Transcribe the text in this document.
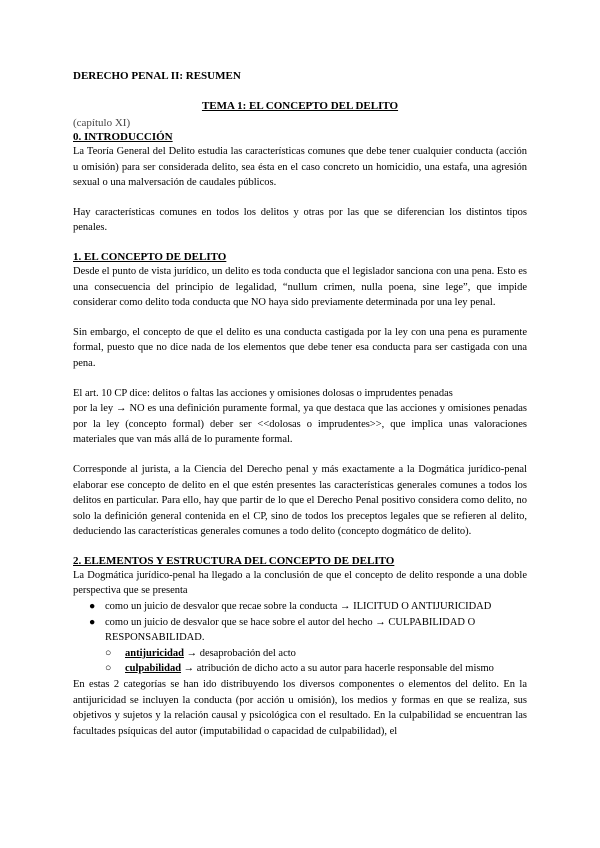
DERECHO PENAL II: RESUMEN

TEMA 1: EL CONCEPTO DEL DELITO

(capítulo XI)

0. INTRODUCCIÓN

La Teoría General del Delito estudia las características comunes que debe tener cualquier conducta (acción u omisión) para ser considerada delito, sea ésta en el caso concreto un homicidio, una estafa, una agresión sexual o una malversación de caudales públicos.

Hay características comunes en todos los delitos y otras por las que se diferencian los distintos tipos penales.

1. EL CONCEPTO DE DELITO

Desde el punto de vista jurídico, un delito es toda conducta que el legislador sanciona con una pena. Esto es una consecuencia del principio de legalidad, “nullum crimen, nulla poena, sine lege”, que impide considerar como delito toda conducta que NO haya sido previamente determinada por una ley penal.

Sin embargo, el concepto de que el delito es una conducta castigada por la ley con una pena es puramente formal, puesto que no dice nada de los elementos que debe tener esa conducta para ser castigada con una pena.

El art. 10 CP dice: delitos o faltas las acciones y omisiones dolosas o imprudentes penadas

por la ley → NO es una definición puramente formal, ya que destaca que las acciones y omisiones penadas por la ley (concepto formal) deber ser <<dolosas o imprudentes>>, que implica unas valoraciones materiales que van más allá de lo puramente formal.

Corresponde al jurista, a la Ciencia del Derecho penal y más exactamente a la Dogmática jurídico-penal elaborar ese concepto de delito en el que estén presentes las características generales comunes a todos los delitos en particular. Para ello, hay que partir de lo que el Derecho Penal positivo considera como delito, no solo la definición general contenida en el CP, sino de todos los preceptos legales que se refieren al delito, deduciendo las características generales comunes a todo delito (concepto dogmático de delito).

2. ELEMENTOS Y ESTRUCTURA DEL CONCEPTO DE DELITO

La Dogmática jurídico-penal ha llegado a la conclusión de que el concepto de delito responde a una doble perspectiva que se presenta

● como un juicio de desvalor que recae sobre la conducta → ILICITUD O ANTIJURICIDAD
● como un juicio de desvalor que se hace sobre el autor del hecho → CULPABILIDAD O RESPONSABILIDAD.
○ antijuricidad → desaprobación del acto
○ culpabilidad → atribución de dicho acto a su autor para hacerle responsable del mismo

En estas 2 categorías se han ido distribuyendo los diversos componentes o elementos del delito. En la antijuricidad se incluyen la conducta (por acción u omisión), los medios y formas en que se realiza, sus objetivos y sujetos y la relación causal y psicológica con el resultado. En la culpabilidad se encuentran las facultades psíquicas del autor (imputabilidad o capacidad de culpabilidad), el
